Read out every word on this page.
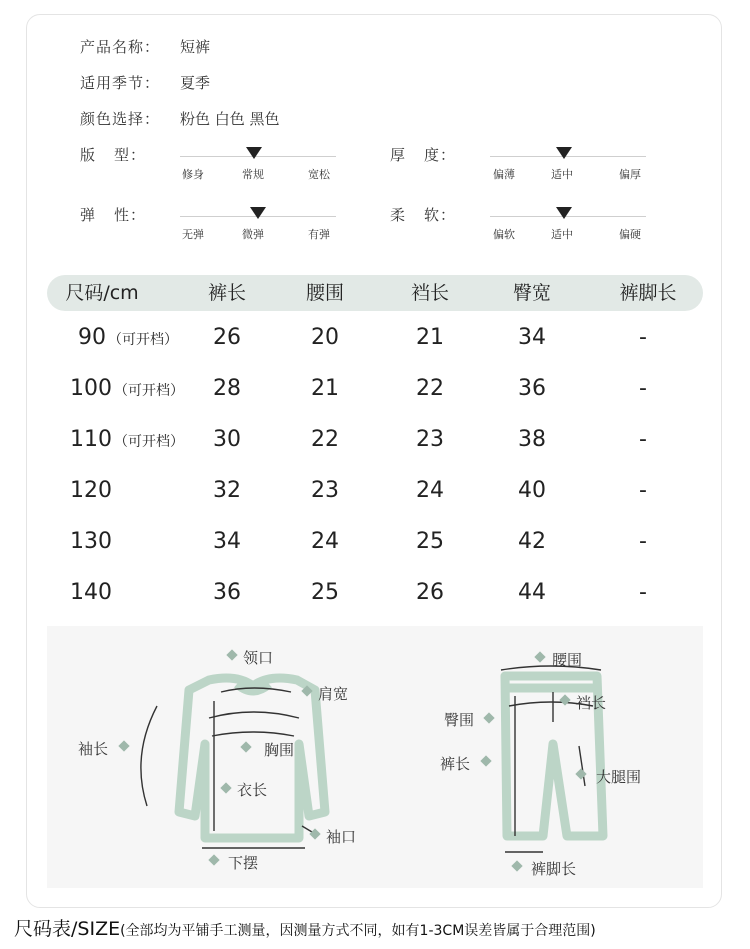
产品名称： 短裤
适用季节： 夏季
颜色选择： 粉色 白色 黑色
版 型：
修身	常规	宽松
厚 度：
偏薄	适中	偏厚
弹 性：
无弹	微弹	有弹
柔 软：
偏软	适中	偏硬
尺码/cm	裤长	腰围	裆长	臀宽	裤脚长
90 （可开档）	26	20	21	34	-
100 （可开档）	28	21	22	36	-
110 （可开档）	30	22	23	38	-
120	32	23	24	40	-
130	34	24	25	42	-
140	36	25	26	44	-
领口
肩宽
袖长	胸围
衣长
袖口
下摆
腰围
裆长
臀围
裤长
大腿围
裤脚长
尺码表/SIZE(全部均为平铺手工测量，因测量方式不同，如有1-3CM误差皆属于合理范围)
